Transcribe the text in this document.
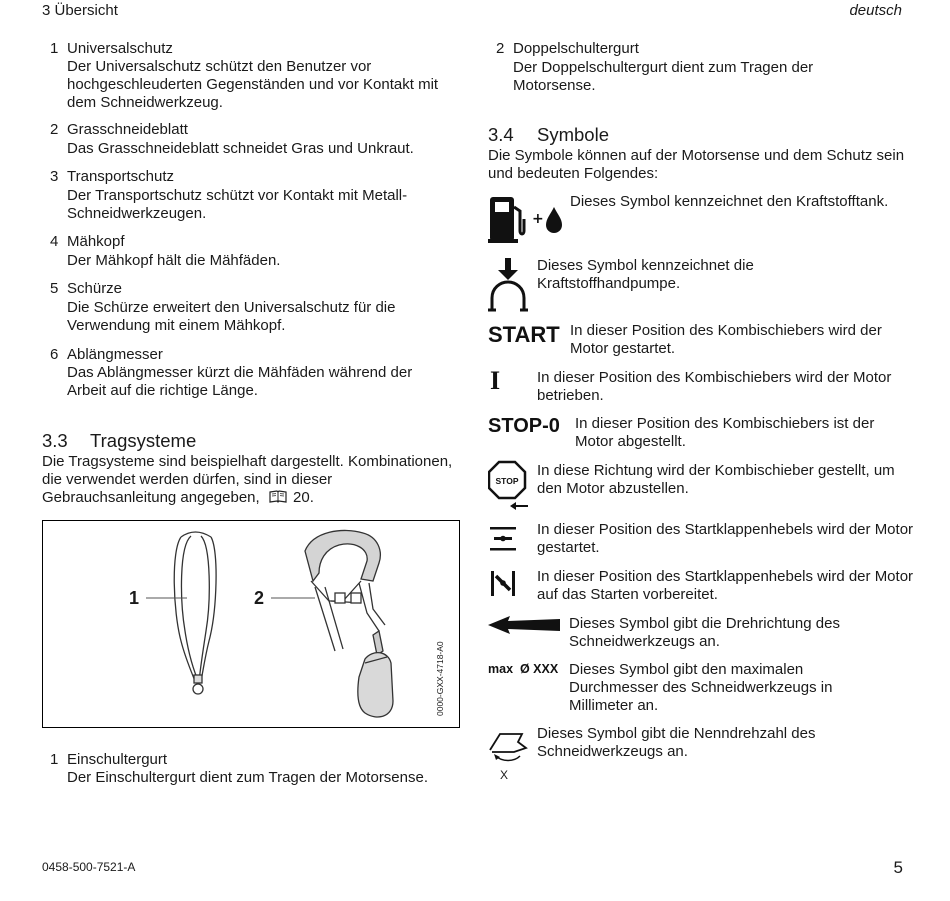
3 Übersicht	deutsch
1 Universalschutz
Der Universalschutz schützt den Benutzer vor hochgeschleuderten Gegenständen und vor Kontakt mit dem Schneidwerkzeug.
2 Grasschneideblatt
Das Grasschneideblatt schneidet Gras und Unkraut.
3 Transportschutz
Der Transportschutz schützt vor Kontakt mit Metall-Schneidwerkzeugen.
4 Mähkopf
Der Mähkopf hält die Mähfäden.
5 Schürze
Die Schürze erweitert den Universalschutz für die Verwendung mit einem Mähkopf.
6 Ablängmesser
Das Ablängmesser kürzt die Mähfäden während der Arbeit auf die richtige Länge.
3.3 Tragsysteme
Die Tragsysteme sind beispielhaft dargestellt. Kombinationen, die verwendet werden dürfen, sind in dieser Gebrauchsanleitung angegeben, 20.
1	2
0000-GXX-4718-A0
1 Einschultergurt
Der Einschultergurt dient zum Tragen der Motorsense.
2 Doppelschultergurt
Der Doppelschultergurt dient zum Tragen der Motorsense.
3.4 Symbole
Die Symbole können auf der Motorsense und dem Schutz sein und bedeuten Folgendes:
+
Dieses Symbol kennzeichnet den Kraftstofftank.
Dieses Symbol kennzeichnet die Kraftstoffhandpumpe.
START In dieser Position des Kombischiebers wird der Motor gestartet.
I In dieser Position des Kombischiebers wird der Motor betrieben.
STOP-0 In dieser Position des Kombischiebers ist der Motor abgestellt.
STOP
In diese Richtung wird der Kombischieber gestellt, um den Motor abzustellen.
In dieser Position des Startklappenhebels wird der Motor gestartet.
In dieser Position des Startklappenhebels wird der Motor auf das Starten vorbereitet.
Dieses Symbol gibt die Drehrichtung des Schneidwerkzeugs an.
max  Ø XXX Dieses Symbol gibt den maximalen Durchmesser des Schneidwerkzeugs in Millimeter an.
X
Dieses Symbol gibt die Nenndrehzahl des Schneidwerkzeugs an.
0458-500-7521-A	5
